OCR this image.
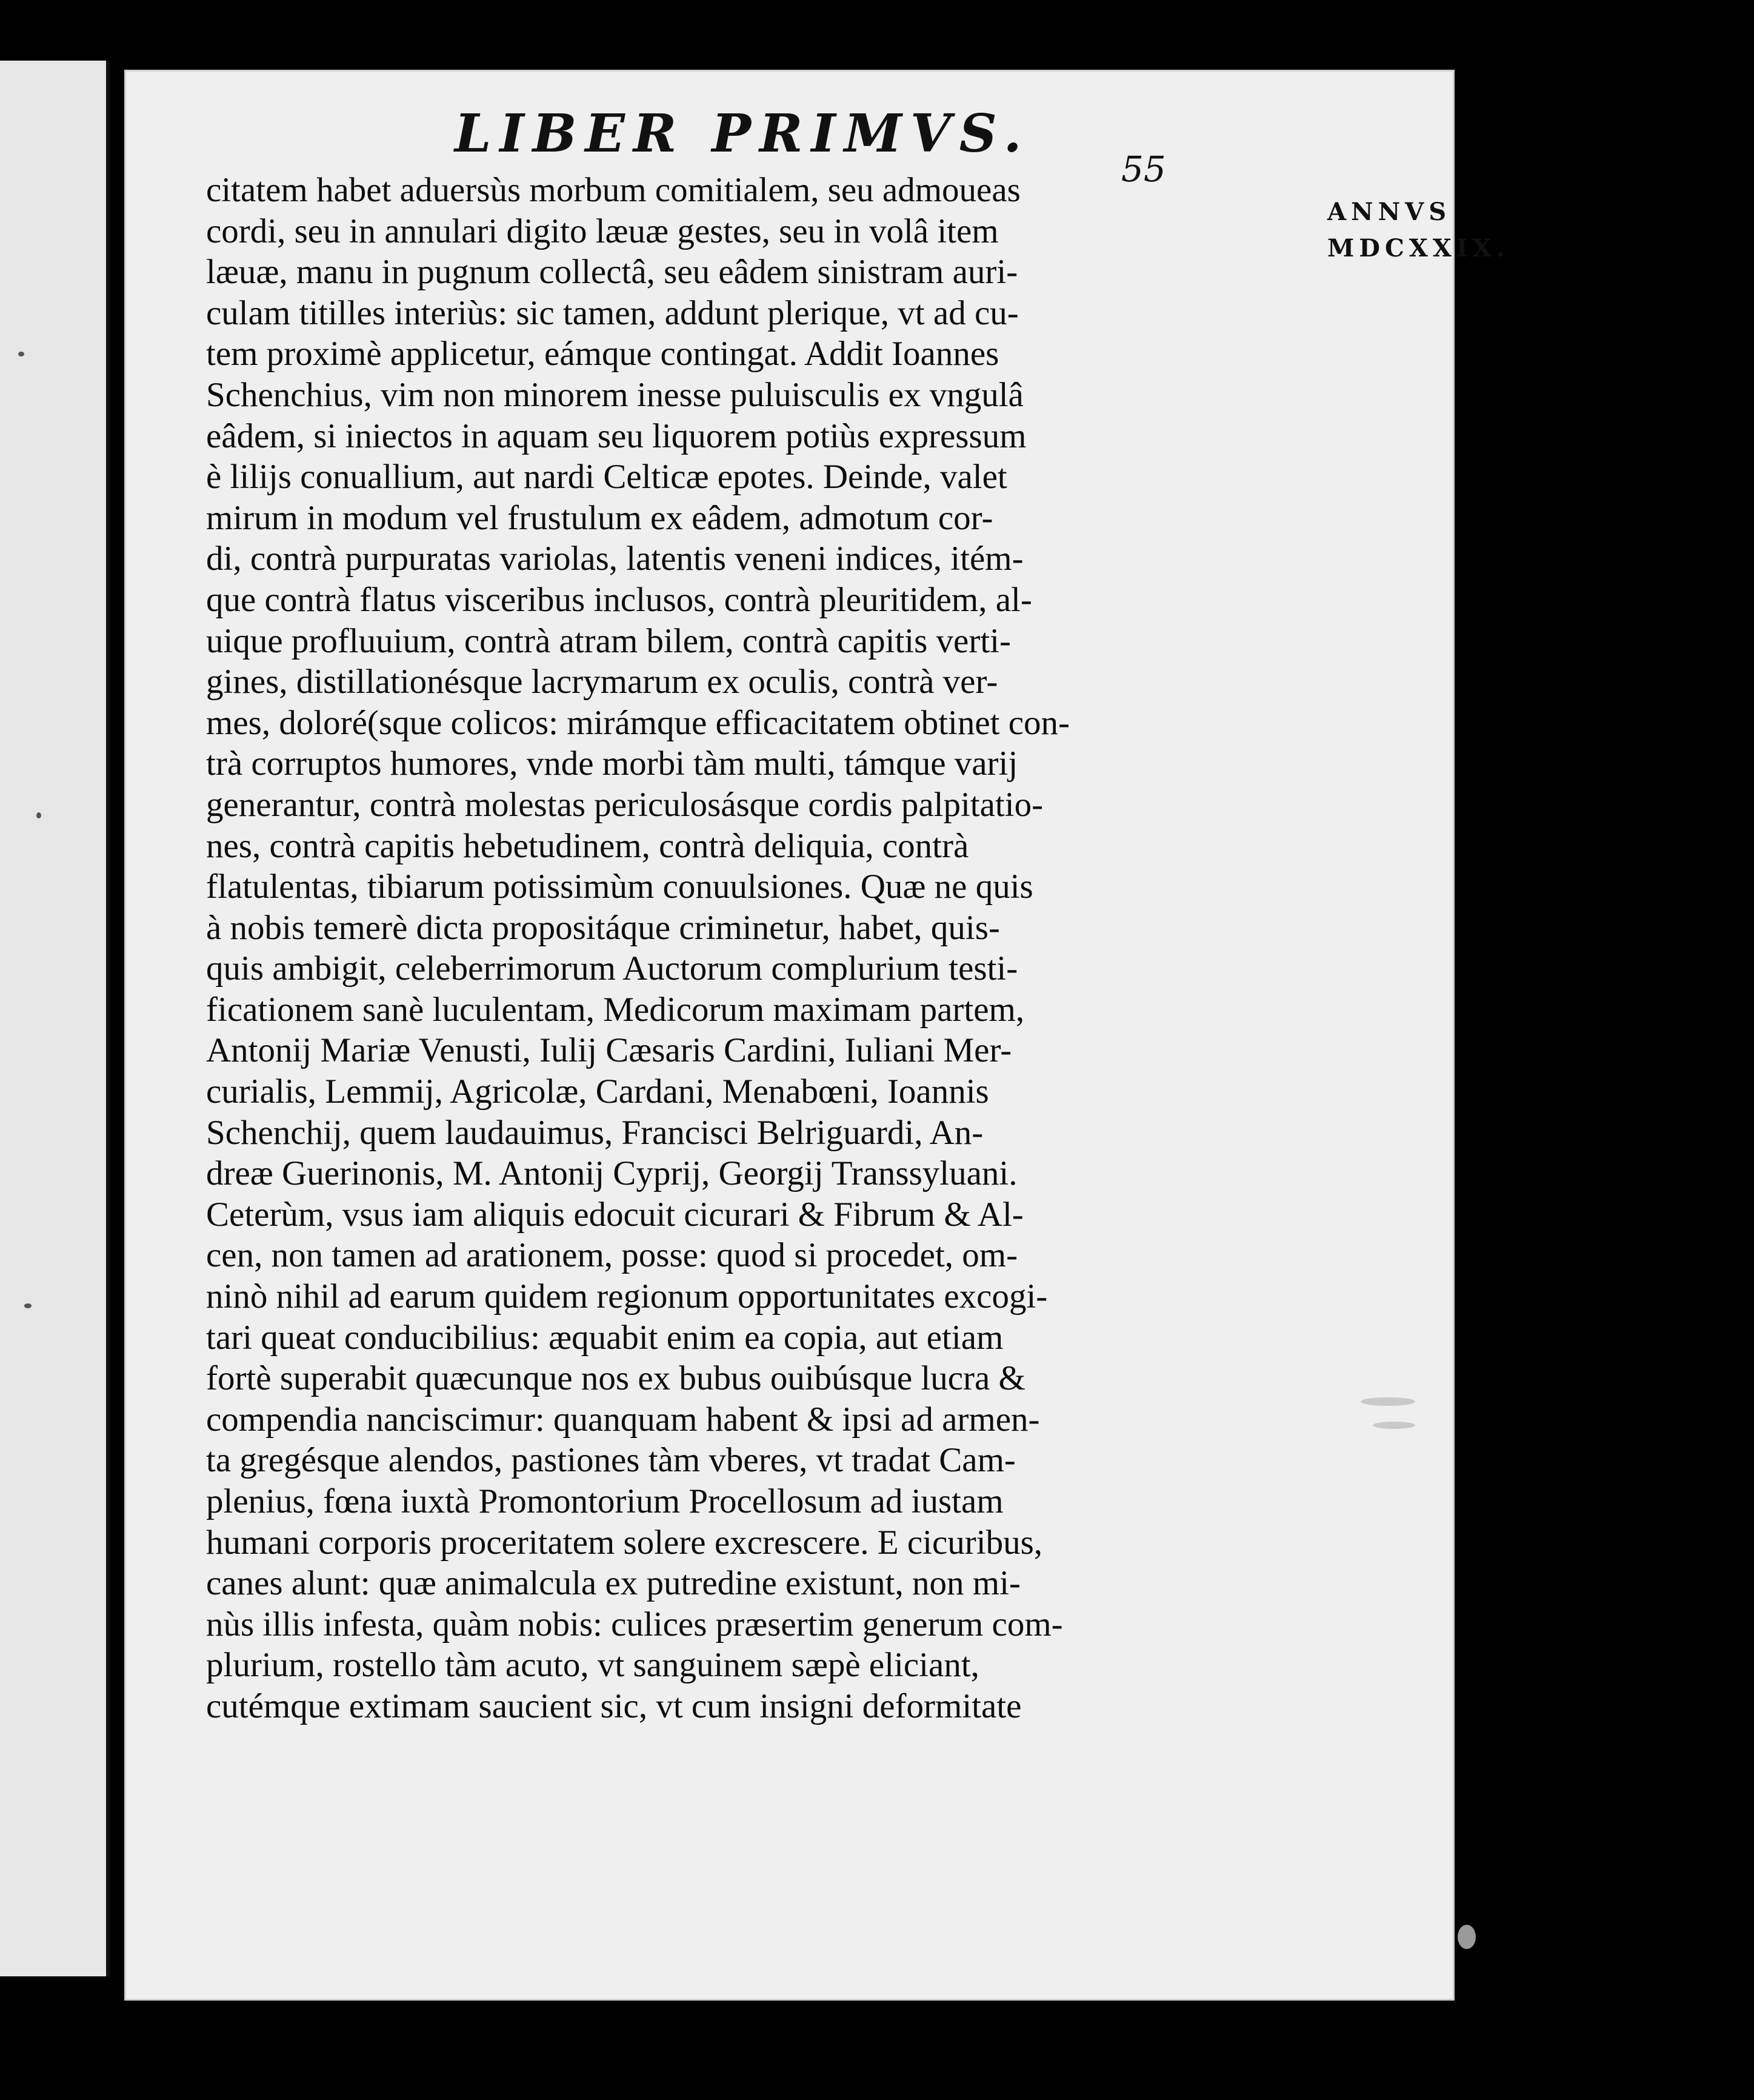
LIBER PRIMVS.
55
citatem habet aduersùs morbum comitialem, seu admoueas
cordi, seu in annulari digito læuæ gestes, seu in volâ item
læuæ, manu in pugnum collectâ, seu eâdem sinistram auri-
culam titilles interiùs: sic tamen, addunt plerique, vt ad cu-
tem proximè applicetur, eámque contingat. Addit Ioannes
Schenchius, vim non minorem inesse puluisculis ex vngulâ
eâdem, si iniectos in aquam seu liquorem potiùs expressum
è lilijs conuallium, aut nardi Celticæ epotes. Deinde, valet
mirum in modum vel frustulum ex eâdem, admotum cor-
di, contrà purpuratas variolas, latentis veneni indices, itém-
que contrà flatus visceribus inclusos, contrà pleuritidem, al-
uique profluuium, contrà atram bilem, contrà capitis verti-
gines, distillationésque lacrymarum ex oculis, contrà ver-
mes, doloré(sque colicos: mirámque efficacitatem obtinet con-
trà corruptos humores, vnde morbi tàm multi, támque varij
generantur, contrà molestas periculosásque cordis palpitatio-
nes, contrà capitis hebetudinem, contrà deliquia, contrà
flatulentas, tibiarum potissimùm conuulsiones. Quæ ne quis
à nobis temerè dicta propositáque criminetur, habet, quis-
quis ambigit, celeberrimorum Auctorum complurium testi-
ficationem sanè luculentam, Medicorum maximam partem,
Antonij Mariæ Venusti, Iulij Cæsaris Cardini, Iuliani Mer-
curialis, Lemmij, Agricolæ, Cardani, Menabœni, Ioannis
Schenchij, quem laudauimus, Francisci Belriguardi, An-
dreæ Guerinonis, M. Antonij Cyprij, Georgij Transsyluani.
Ceterùm, vsus iam aliquis edocuit cicurari & Fibrum & Al-
cen, non tamen ad arationem, posse: quod si procedet, om-
ninò nihil ad earum quidem regionum opportunitates excogi-
tari queat conducibilius: æquabit enim ea copia, aut etiam
fortè superabit quæcunque nos ex bubus ouibúsque lucra &
compendia nanciscimur: quanquam habent & ipsi ad armen-
ta gregésque alendos, pastiones tàm vberes, vt tradat Cam-
plenius, fœna iuxtà Promontorium Procellosum ad iustam
humani corporis proceritatem solere excrescere. E cicuribus,
canes alunt: quæ animalcula ex putredine existunt, non mi-
nùs illis infesta, quàm nobis: culices præsertim generum com-
plurium, rostello tàm acuto, vt sanguinem sæpè eliciant,
cutémque extimam saucient sic, vt cum insigni deformitate
ANNVS
MDCXXIX.
